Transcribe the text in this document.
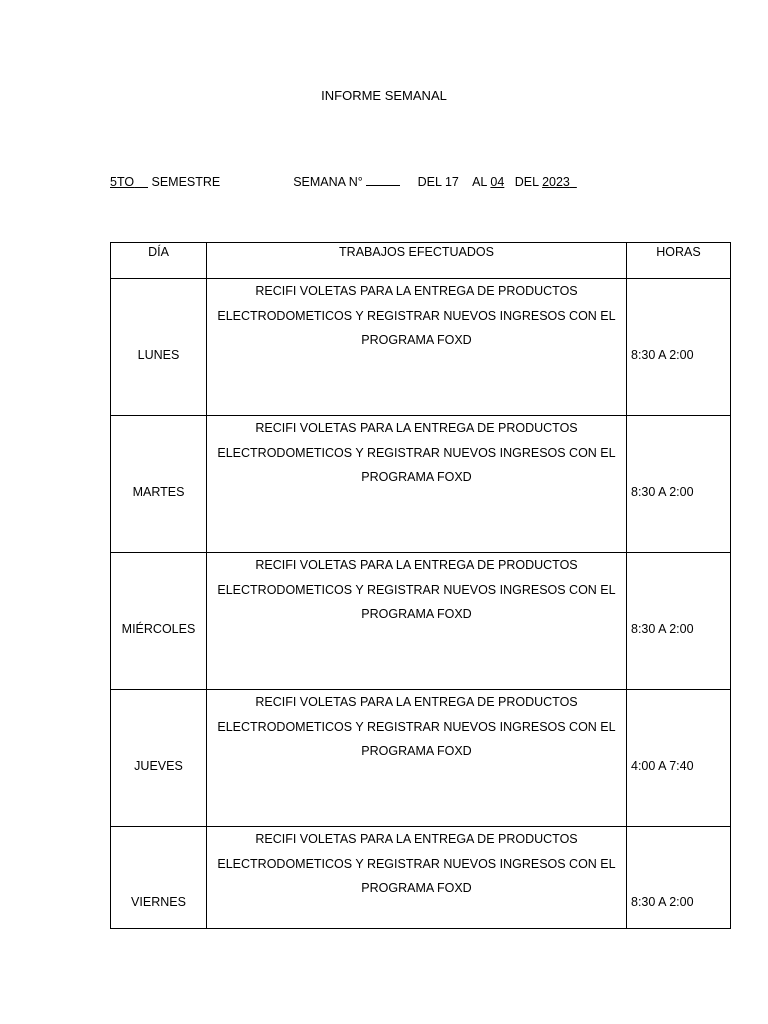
INFORME SEMANAL
5TO SEMESTRE	SEMANA N°	DEL 17 AL 04 DEL 2023
DÍA	TRABAJOS EFECTUADOS	HORAS

LUNES	RECIFI VOLETAS PARA LA ENTREGA DE PRODUCTOS ELECTRODOMETICOS Y REGISTRAR NUEVOS INGRESOS CON EL PROGRAMA FOXD	8:30 A 2:00

MARTES	RECIFI VOLETAS PARA LA ENTREGA DE PRODUCTOS ELECTRODOMETICOS Y REGISTRAR NUEVOS INGRESOS CON EL PROGRAMA FOXD	8:30 A 2:00

MIÉRCOLES	RECIFI VOLETAS PARA LA ENTREGA DE PRODUCTOS ELECTRODOMETICOS Y REGISTRAR NUEVOS INGRESOS CON EL PROGRAMA FOXD	8:30 A 2:00

JUEVES	RECIFI VOLETAS PARA LA ENTREGA DE PRODUCTOS ELECTRODOMETICOS Y REGISTRAR NUEVOS INGRESOS CON EL PROGRAMA FOXD	4:00 A 7:40

VIERNES	RECIFI VOLETAS PARA LA ENTREGA DE PRODUCTOS ELECTRODOMETICOS Y REGISTRAR NUEVOS INGRESOS CON EL PROGRAMA FOXD	8:30 A 2:00
